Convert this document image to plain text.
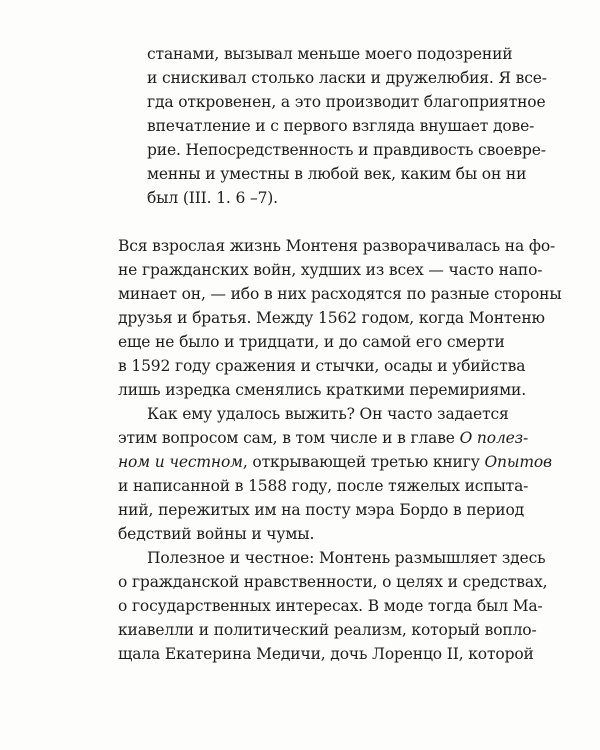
станами, вызывал меньше моего подозрений
и снискивал столько ласки и дружелюбия. Я все-
гда откровенен, а это производит благоприятное
впечатление и с первого взгляда внушает дове-
рие. Непосредственность и правдивость своевре-
менны и уместны в любой век, каким бы он ни
был (III. 1. 6 –7).
Вся взрослая жизнь Монтеня разворачивалась на фо-
не гражданских войн, худших из всех — часто напо-
минает он, — ибо в них расходятся по разные стороны
друзья и братья. Между 1562 годом, когда Монтеню
еще не было и тридцати, и до самой его смерти
в 1592 году сражения и стычки, осады и убийства
лишь изредка сменялись краткими перемириями.
Как ему удалось выжить? Он часто задается
этим вопросом сам, в том числе и в главе О полез-
ном и честном, открывающей третью книгу Опытов
и написанной в 1588 году, после тяжелых испыта-
ний, пережитых им на посту мэра Бордо в период
бедствий войны и чумы.
Полезное и честное: Монтень размышляет здесь
о гражданской нравственности, о целях и средствах,
о государственных интересах. В моде тогда был Ма-
киавелли и политический реализм, который вопло-
щала Екатерина Медичи, дочь Лоренцо II, которой
